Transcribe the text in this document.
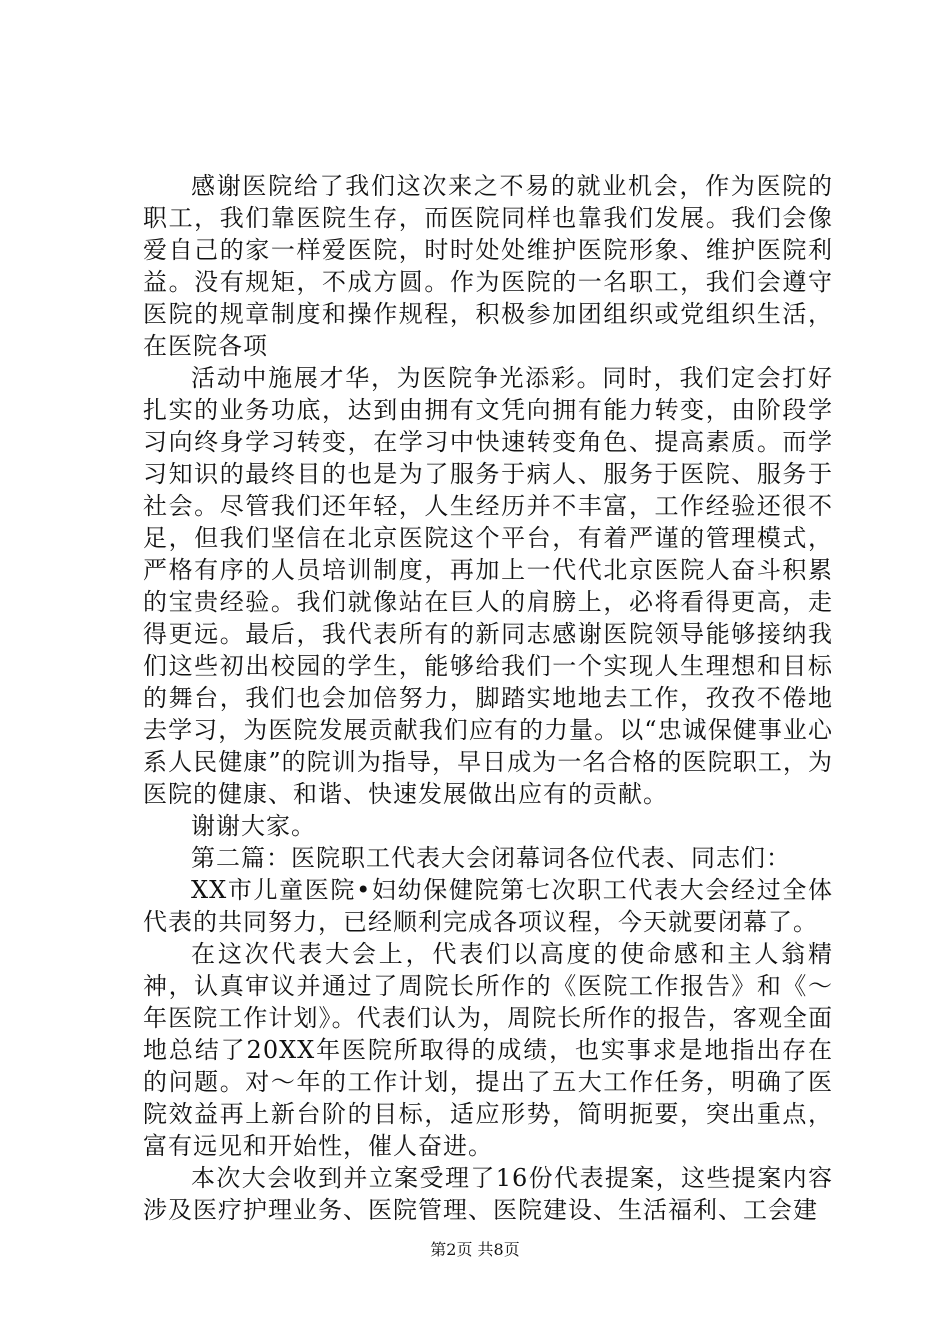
感谢医院给了我们这次来之不易的就业机会，作为医院的职工，我们靠医院生存，而医院同样也靠我们发展。我们会像爱自己的家一样爱医院，时时处处维护医院形象、维护医院利益。没有规矩，不成方圆。作为医院的一名职工，我们会遵守医院的规章制度和操作规程，积极参加团组织或党组织生活，在医院各项

活动中施展才华，为医院争光添彩。同时，我们定会打好扎实的业务功底，达到由拥有文凭向拥有能力转变，由阶段学习向终身学习转变，在学习中快速转变角色、提高素质。而学习知识的最终目的也是为了服务于病人、服务于医院、服务于社会。尽管我们还年轻，人生经历并不丰富，工作经验还很不足，但我们坚信在北京医院这个平台，有着严谨的管理模式，严格有序的人员培训制度，再加上一代代北京医院人奋斗积累的宝贵经验。我们就像站在巨人的肩膀上，必将看得更高，走得更远。最后，我代表所有的新同志感谢医院领导能够接纳我们这些初出校园的学生，能够给我们一个实现人生理想和目标的舞台，我们也会加倍努力，脚踏实地地去工作，孜孜不倦地去学习，为医院发展贡献我们应有的力量。以“忠诚保健事业心系人民健康”的院训为指导，早日成为一名合格的医院职工，为医院的健康、和谐、快速发展做出应有的贡献。

谢谢大家。

第二篇：医院职工代表大会闭幕词各位代表、同志们：

XX市儿童医院•妇幼保健院第七次职工代表大会经过全体代表的共同努力，已经顺利完成各项议程，今天就要闭幕了。

在这次代表大会上，代表们以高度的使命感和主人翁精神，认真审议并通过了周院长所作的《医院工作报告》和《～年医院工作计划》。代表们认为，周院长所作的报告，客观全面地总结了20XX年医院所取得的成绩，也实事求是地指出存在的问题。对～年的工作计划，提出了五大工作任务，明确了医院效益再上新台阶的目标，适应形势，简明扼要，突出重点，富有远见和开始性，催人奋进。

本次大会收到并立案受理了16份代表提案，这些提案内容涉及医疗护理业务、医院管理、医院建设、生活福利、工会建

第2页 共8页
